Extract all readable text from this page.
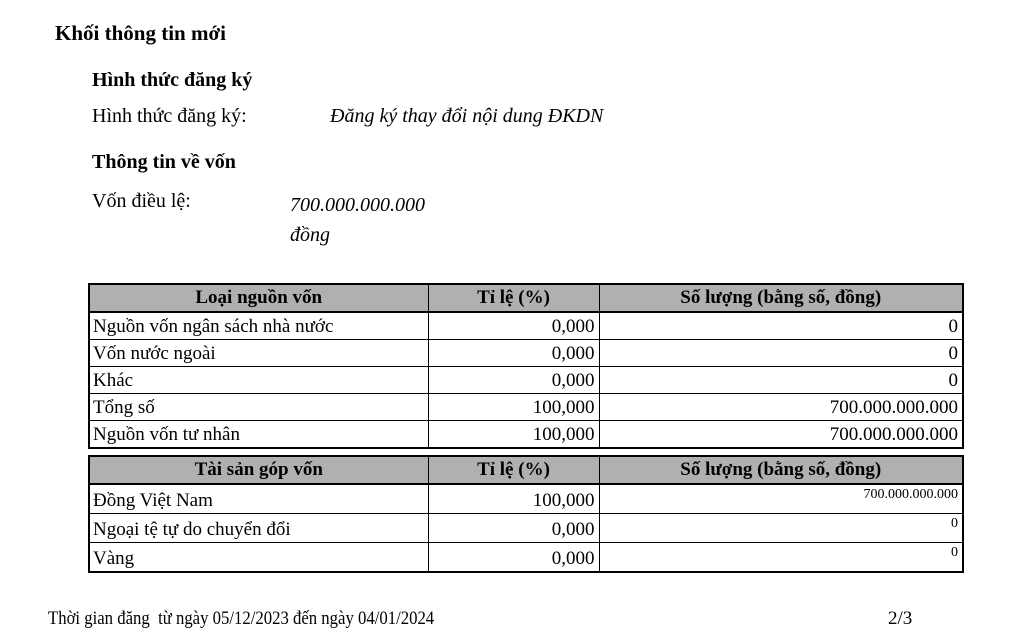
Khối thông tin mới
Hình thức đăng ký
Hình thức đăng ký:	Đăng ký thay đổi nội dung ĐKDN
Thông tin về vốn
Vốn điều lệ:	700.000.000.000
đồng
Loại nguồn vốn	Tỉ lệ (%)	Số lượng (bằng số, đồng)
Nguồn vốn ngân sách nhà nước	0,000	0
Vốn nước ngoài	0,000	0
Khác	0,000	0
Tổng số	100,000	700.000.000.000
Nguồn vốn tư nhân	100,000	700.000.000.000
Tài sản góp vốn	Tỉ lệ (%)	Số lượng (bằng số, đồng)
Đồng Việt Nam	100,000	700.000.000.000
Ngoại tệ tự do chuyển đổi	0,000	0
Vàng	0,000	0
Thời gian đăng  từ ngày 05/12/2023 đến ngày 04/01/2024	2/3
